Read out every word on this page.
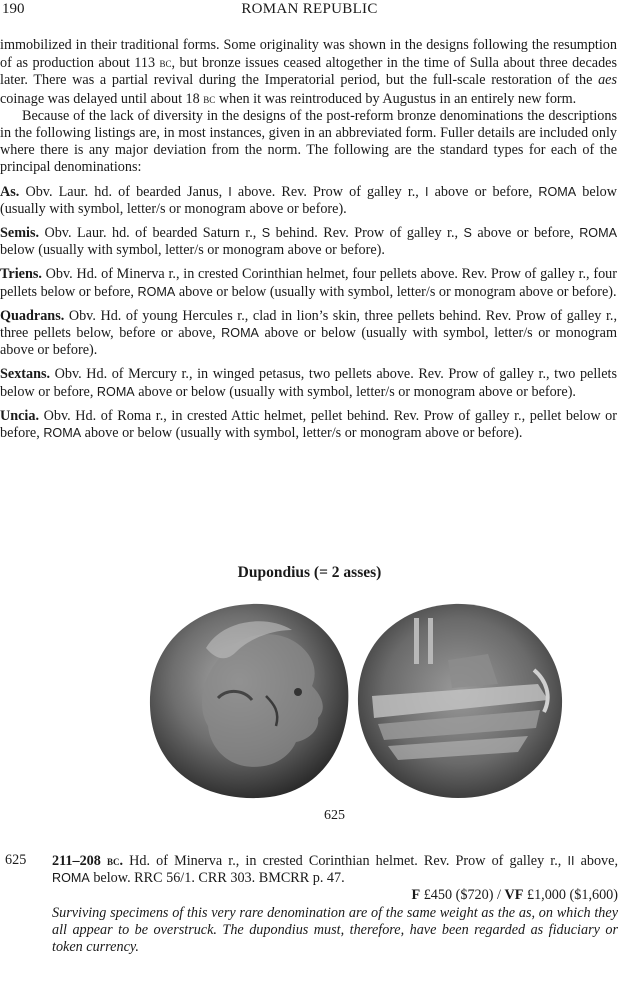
190	ROMAN REPUBLIC

immobilized in their traditional forms. Some originality was shown in the designs following the resumption of as production about 113 bc, but bronze issues ceased altogether in the time of Sulla about three decades later. There was a partial revival during the Imperatorial period, but the full-scale restoration of the aes coinage was delayed until about 18 bc when it was reintroduced by Augustus in an entirely new form.

Because of the lack of diversity in the designs of the post-reform bronze denominations the descriptions in the following listings are, in most instances, given in an abbreviated form. Fuller details are included only where there is any major deviation from the norm. The following are the standard types for each of the principal denominations:

As. Obv. Laur. hd. of bearded Janus, I above. Rev. Prow of galley r., I above or before, ROMA below (usually with symbol, letter/s or monogram above or before).

Semis. Obv. Laur. hd. of bearded Saturn r., S behind. Rev. Prow of galley r., S above or before, ROMA below (usually with symbol, letter/s or monogram above or before).

Triens. Obv. Hd. of Minerva r., in crested Corinthian helmet, four pellets above. Rev. Prow of galley r., four pellets below or before, ROMA above or below (usually with symbol, letter/s or monogram above or before).

Quadrans. Obv. Hd. of young Hercules r., clad in lion’s skin, three pellets behind. Rev. Prow of galley r., three pellets below, before or above, ROMA above or below (usually with symbol, letter/s or monogram above or before).

Sextans. Obv. Hd. of Mercury r., in winged petasus, two pellets above. Rev. Prow of galley r., two pellets below or before, ROMA above or below (usually with symbol, letter/s or monogram above or before).

Uncia. Obv. Hd. of Roma r., in crested Attic helmet, pellet behind. Rev. Prow of galley r., pellet below or before, ROMA above or below (usually with symbol, letter/s or monogram above or before).

Dupondius (= 2 asses)
625
625 211–208 bc. Hd. of Minerva r., in crested Corinthian helmet. Rev. Prow of galley r., II above, ROMA below. RRC 56/1. CRR 303. BMCRR p. 47.

F £450 ($720) / VF £1,000 ($1,600)

Surviving specimens of this very rare denomination are of the same weight as the as, on which they all appear to be overstruck. The dupondius must, therefore, have been regarded as fiduciary or token currency.
